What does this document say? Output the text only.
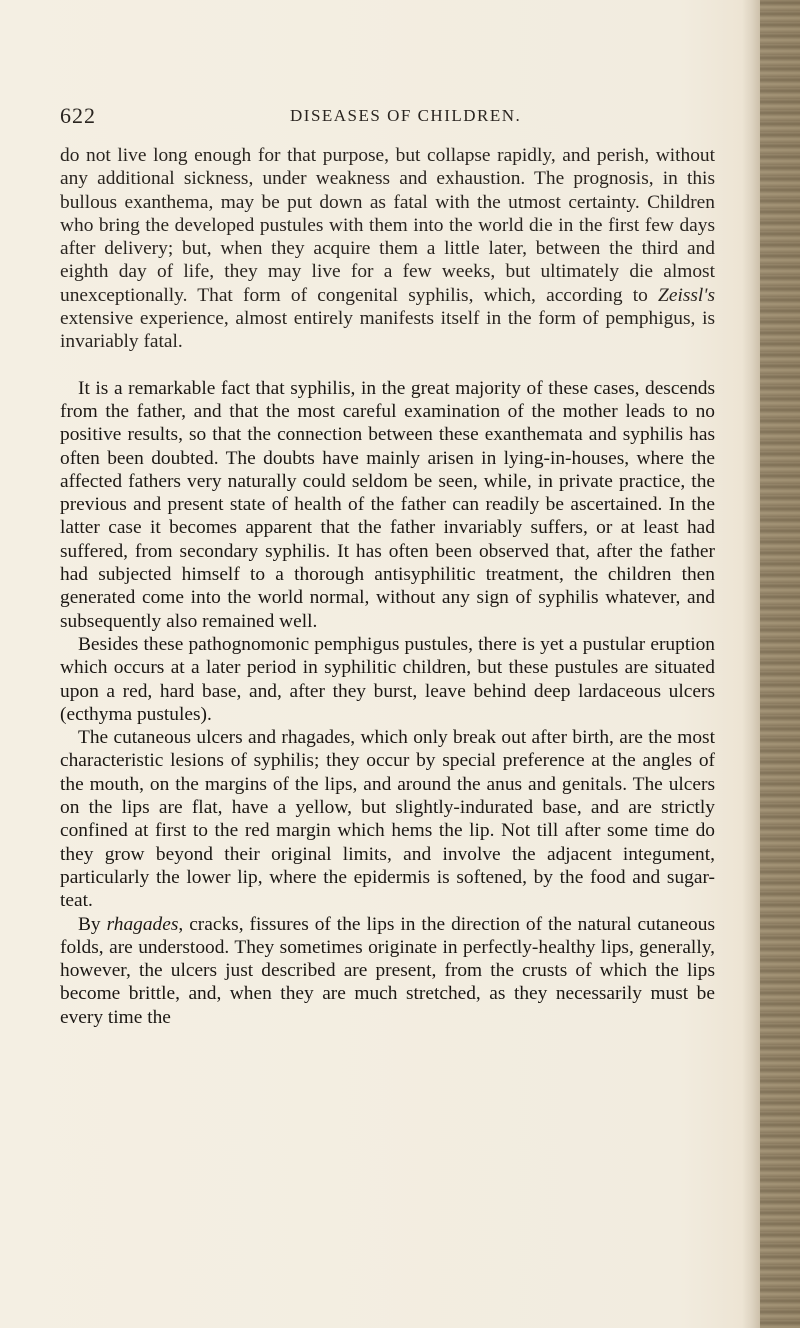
622	DISEASES OF CHILDREN.

do not live long enough for that purpose, but collapse rapidly, and perish, without any additional sickness, under weakness and exhaustion. The prognosis, in this bullous exanthema, may be put down as fatal with the utmost certainty. Children who bring the developed pustules with them into the world die in the first few days after delivery; but, when they acquire them a little later, between the third and eighth day of life, they may live for a few weeks, but ultimately die almost unexceptionally. That form of congenital syphilis, which, according to Zeissl's extensive experience, almost entirely manifests itself in the form of pemphigus, is invariably fatal.

It is a remarkable fact that syphilis, in the great majority of these cases, descends from the father, and that the most careful examination of the mother leads to no positive results, so that the connection between these exanthemata and syphilis has often been doubted. The doubts have mainly arisen in lying-in-houses, where the affected fathers very naturally could seldom be seen, while, in private practice, the previous and present state of health of the father can readily be ascertained. In the latter case it becomes apparent that the father invariably suffers, or at least had suffered, from secondary syphilis. It has often been observed that, after the father had subjected himself to a thorough antisyphilitic treatment, the children then generated come into the world normal, without any sign of syphilis whatever, and subsequently also remained well.

Besides these pathognomonic pemphigus pustules, there is yet a pustular eruption which occurs at a later period in syphilitic children, but these pustules are situated upon a red, hard base, and, after they burst, leave behind deep lardaceous ulcers (ecthyma pustules).

The cutaneous ulcers and rhagades, which only break out after birth, are the most characteristic lesions of syphilis; they occur by special preference at the angles of the mouth, on the margins of the lips, and around the anus and genitals. The ulcers on the lips are flat, have a yellow, but slightly-indurated base, and are strictly confined at first to the red margin which hems the lip. Not till after some time do they grow beyond their original limits, and involve the adjacent integument, particularly the lower lip, where the epidermis is softened, by the food and sugar-teat.

By rhagades, cracks, fissures of the lips in the direction of the natural cutaneous folds, are understood. They sometimes originate in perfectly-healthy lips, generally, however, the ulcers just described are present, from the crusts of which the lips become brittle, and, when they are much stretched, as they necessarily must be every time the
